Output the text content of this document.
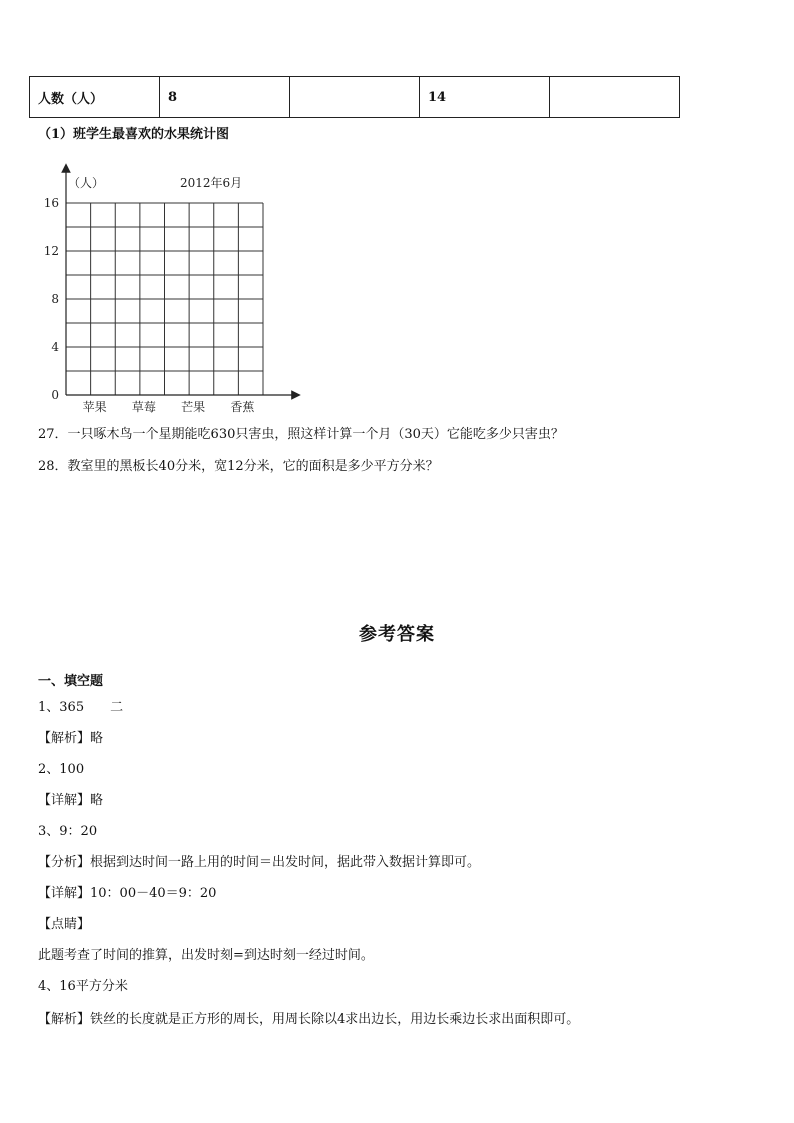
人数（人）	8		14	
（1）班学生最喜欢的水果统计图
0
4
8
12
16
苹果 草莓 芒果 香蕉
（人）	2012年6月
27．一只啄木鸟一个星期能吃630只害虫，照这样计算一个月（30天）它能吃多少只害虫？
28．教室里的黑板长40分米，宽12分米，它的面积是多少平方分米？
参考答案
一、填空题
1、365　　二
【解析】略
2、100
【详解】略
3、9：20
【分析】根据到达时间一路上用的时间＝出发时间，据此带入数据计算即可。
【详解】10：00－40＝9：20
【点睛】
此题考查了时间的推算，出发时刻=到达时刻一经过时间。
4、16平方分米
【解析】铁丝的长度就是正方形的周长，用周长除以4求出边长，用边长乘边长求出面积即可。
